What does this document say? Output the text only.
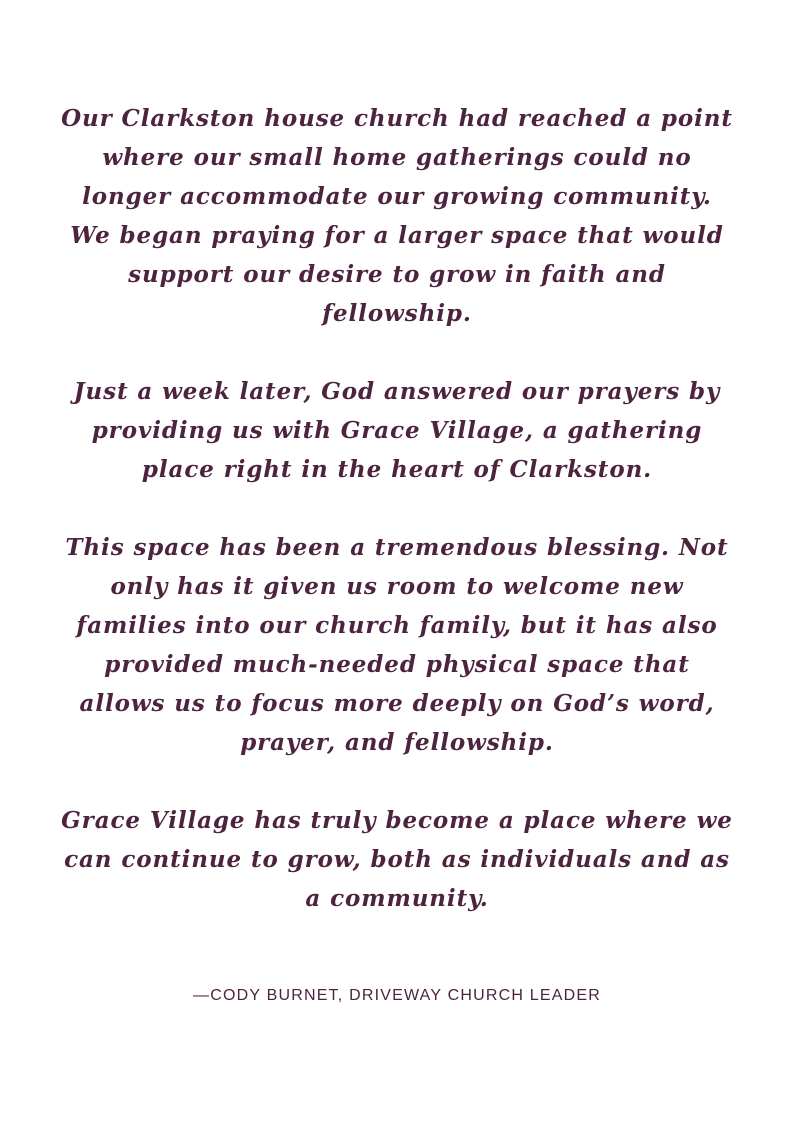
Our Clarkston house church had reached a point where our small home gatherings could no longer accommodate our growing community. We began praying for a larger space that would support our desire to grow in faith and fellowship.

Just a week later, God answered our prayers by providing us with Grace Village, a gathering place right in the heart of Clarkston.

This space has been a tremendous blessing. Not only has it given us room to welcome new families into our church family, but it has also provided much-needed physical space that allows us to focus more deeply on God’s word, prayer, and fellowship.

Grace Village has truly become a place where we can continue to grow, both as individuals and as a community.

—CODY BURNET, DRIVEWAY CHURCH LEADER
